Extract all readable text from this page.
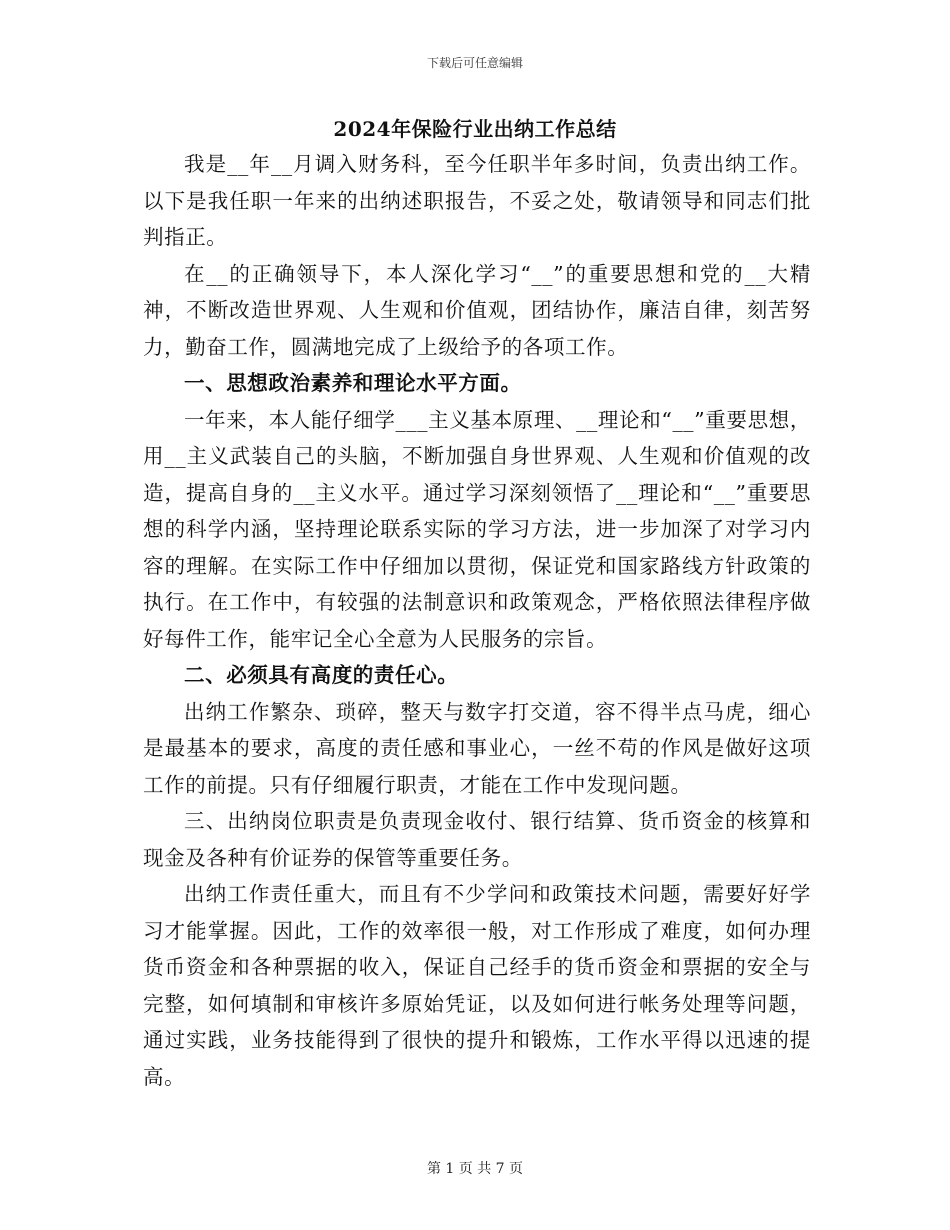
下载后可任意编辑
2024年保险行业出纳工作总结

我是__年__月调入财务科，至今任职半年多时间，负责出纳工作。以下是我任职一年来的出纳述职报告，不妥之处，敬请领导和同志们批判指正。

在__的正确领导下，本人深化学习“__”的重要思想和党的__大精神，不断改造世界观、人生观和价值观，团结协作，廉洁自律，刻苦努力，勤奋工作，圆满地完成了上级给予的各项工作。

一、思想政治素养和理论水平方面。

一年来，本人能仔细学___主义基本原理、__理论和“__”重要思想，用__主义武装自己的头脑，不断加强自身世界观、人生观和价值观的改造，提高自身的__主义水平。通过学习深刻领悟了__理论和“__”重要思想的科学内涵，坚持理论联系实际的学习方法，进一步加深了对学习内容的理解。在实际工作中仔细加以贯彻，保证党和国家路线方针政策的执行。在工作中，有较强的法制意识和政策观念，严格依照法律程序做好每件工作，能牢记全心全意为人民服务的宗旨。

二、必须具有高度的责任心。

出纳工作繁杂、琐碎，整天与数字打交道，容不得半点马虎，细心是最基本的要求，高度的责任感和事业心，一丝不苟的作风是做好这项工作的前提。只有仔细履行职责，才能在工作中发现问题。

三、出纳岗位职责是负责现金收付、银行结算、货币资金的核算和现金及各种有价证券的保管等重要任务。

出纳工作责任重大，而且有不少学问和政策技术问题，需要好好学习才能掌握。因此，工作的效率很一般，对工作形成了难度，如何办理货币资金和各种票据的收入，保证自己经手的货币资金和票据的安全与完整，如何填制和审核许多原始凭证，以及如何进行帐务处理等问题，通过实践，业务技能得到了很快的提升和锻炼，工作水平得以迅速的提高。

第 1 页 共 7 页
